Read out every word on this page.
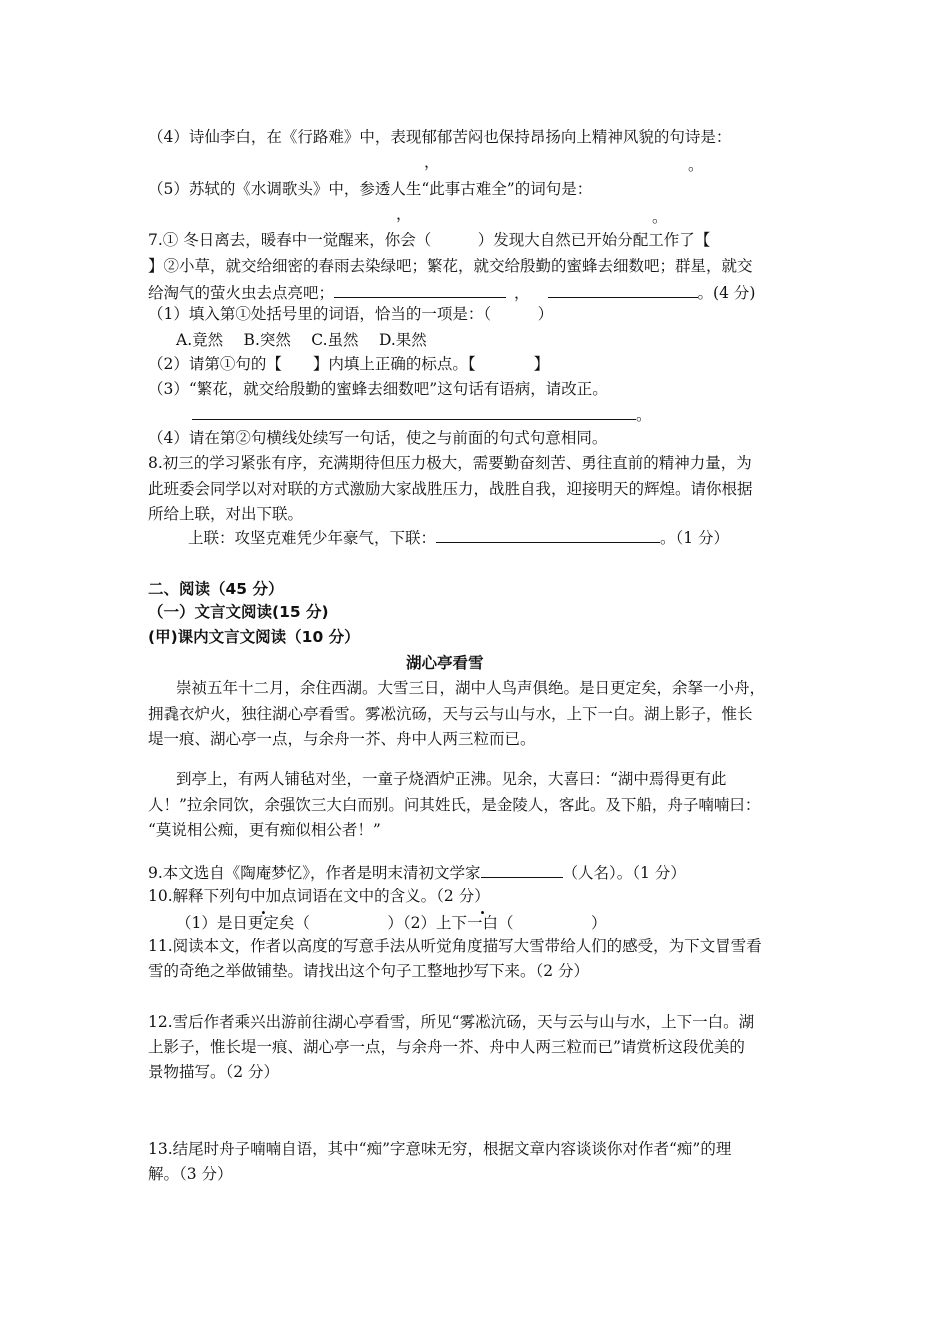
（4）诗仙李白，在《行路难》中，表现郁郁苦闷也保持昂扬向上精神风貌的句诗是：
，	。
（5）苏轼的《水调歌头》中，参透人生“此事古难全”的词句是：
，	。
7.① 冬日离去，暖春中一觉醒来，你会（　　　）发现大自然已开始分配工作了【
】②小草，就交给细密的春雨去染绿吧；繁花，就交给殷勤的蜜蜂去细数吧；群星，就交
给淘气的萤火虫去点亮吧；	，	。(4 分)
（1）填入第①处括号里的词语，恰当的一项是：（　　　）
A.竟然　 B.突然　 C.虽然　 D.果然
（2）请第①句的【　　】内填上正确的标点。【	】
（3）“繁花，就交给殷勤的蜜蜂去细数吧”这句话有语病，请改正。
。
（4）请在第②句横线处续写一句话，使之与前面的句式句意相同。
8.初三的学习紧张有序，充满期待但压力极大，需要勤奋刻苦、勇往直前的精神力量，为
此班委会同学以对对联的方式激励大家战胜压力，战胜自我，迎接明天的辉煌。请你根据
所给上联，对出下联。
上联：攻坚克难凭少年豪气，下联：	。（1 分）
二、阅读（45 分）
（一）文言文阅读(15 分)
(甲)课内文言文阅读（10 分）
湖心亭看雪
崇祯五年十二月，余住西湖。大雪三日，湖中人鸟声俱绝。是日更定矣，余拏一小舟，
拥毳衣炉火，独往湖心亭看雪。雾凇沆砀，天与云与山与水，上下一白。湖上影子，惟长
堤一痕、湖心亭一点，与余舟一芥、舟中人两三粒而已。
到亭上，有两人铺毡对坐，一童子烧酒炉正沸。见余，大喜曰：“湖中焉得更有此
人！”拉余同饮，余强饮三大白而别。问其姓氏，是金陵人，客此。及下船，舟子喃喃曰：
“莫说相公痴，更有痴似相公者！”
9.本文选自《陶庵梦忆》，作者是明末清初文学家	（人名）。（1 分）
10.解释下列句中加点词语在文中的含义。（2 分）
（1）是日更定矣（　　　　　）（2）上下一白（　　　　　）
11.阅读本文，作者以高度的写意手法从听觉角度描写大雪带给人们的感受，为下文冒雪看
雪的奇绝之举做铺垫。请找出这个句子工整地抄写下来。（2 分）
12.雪后作者乘兴出游前往湖心亭看雪，所见“雾凇沆砀，天与云与山与水，上下一白。湖
上影子，惟长堤一痕、湖心亭一点，与余舟一芥、舟中人两三粒而已”请赏析这段优美的
景物描写。（2 分）
13.结尾时舟子喃喃自语，其中“痴”字意味无穷，根据文章内容谈谈你对作者“痴”的理
解。（3 分）
